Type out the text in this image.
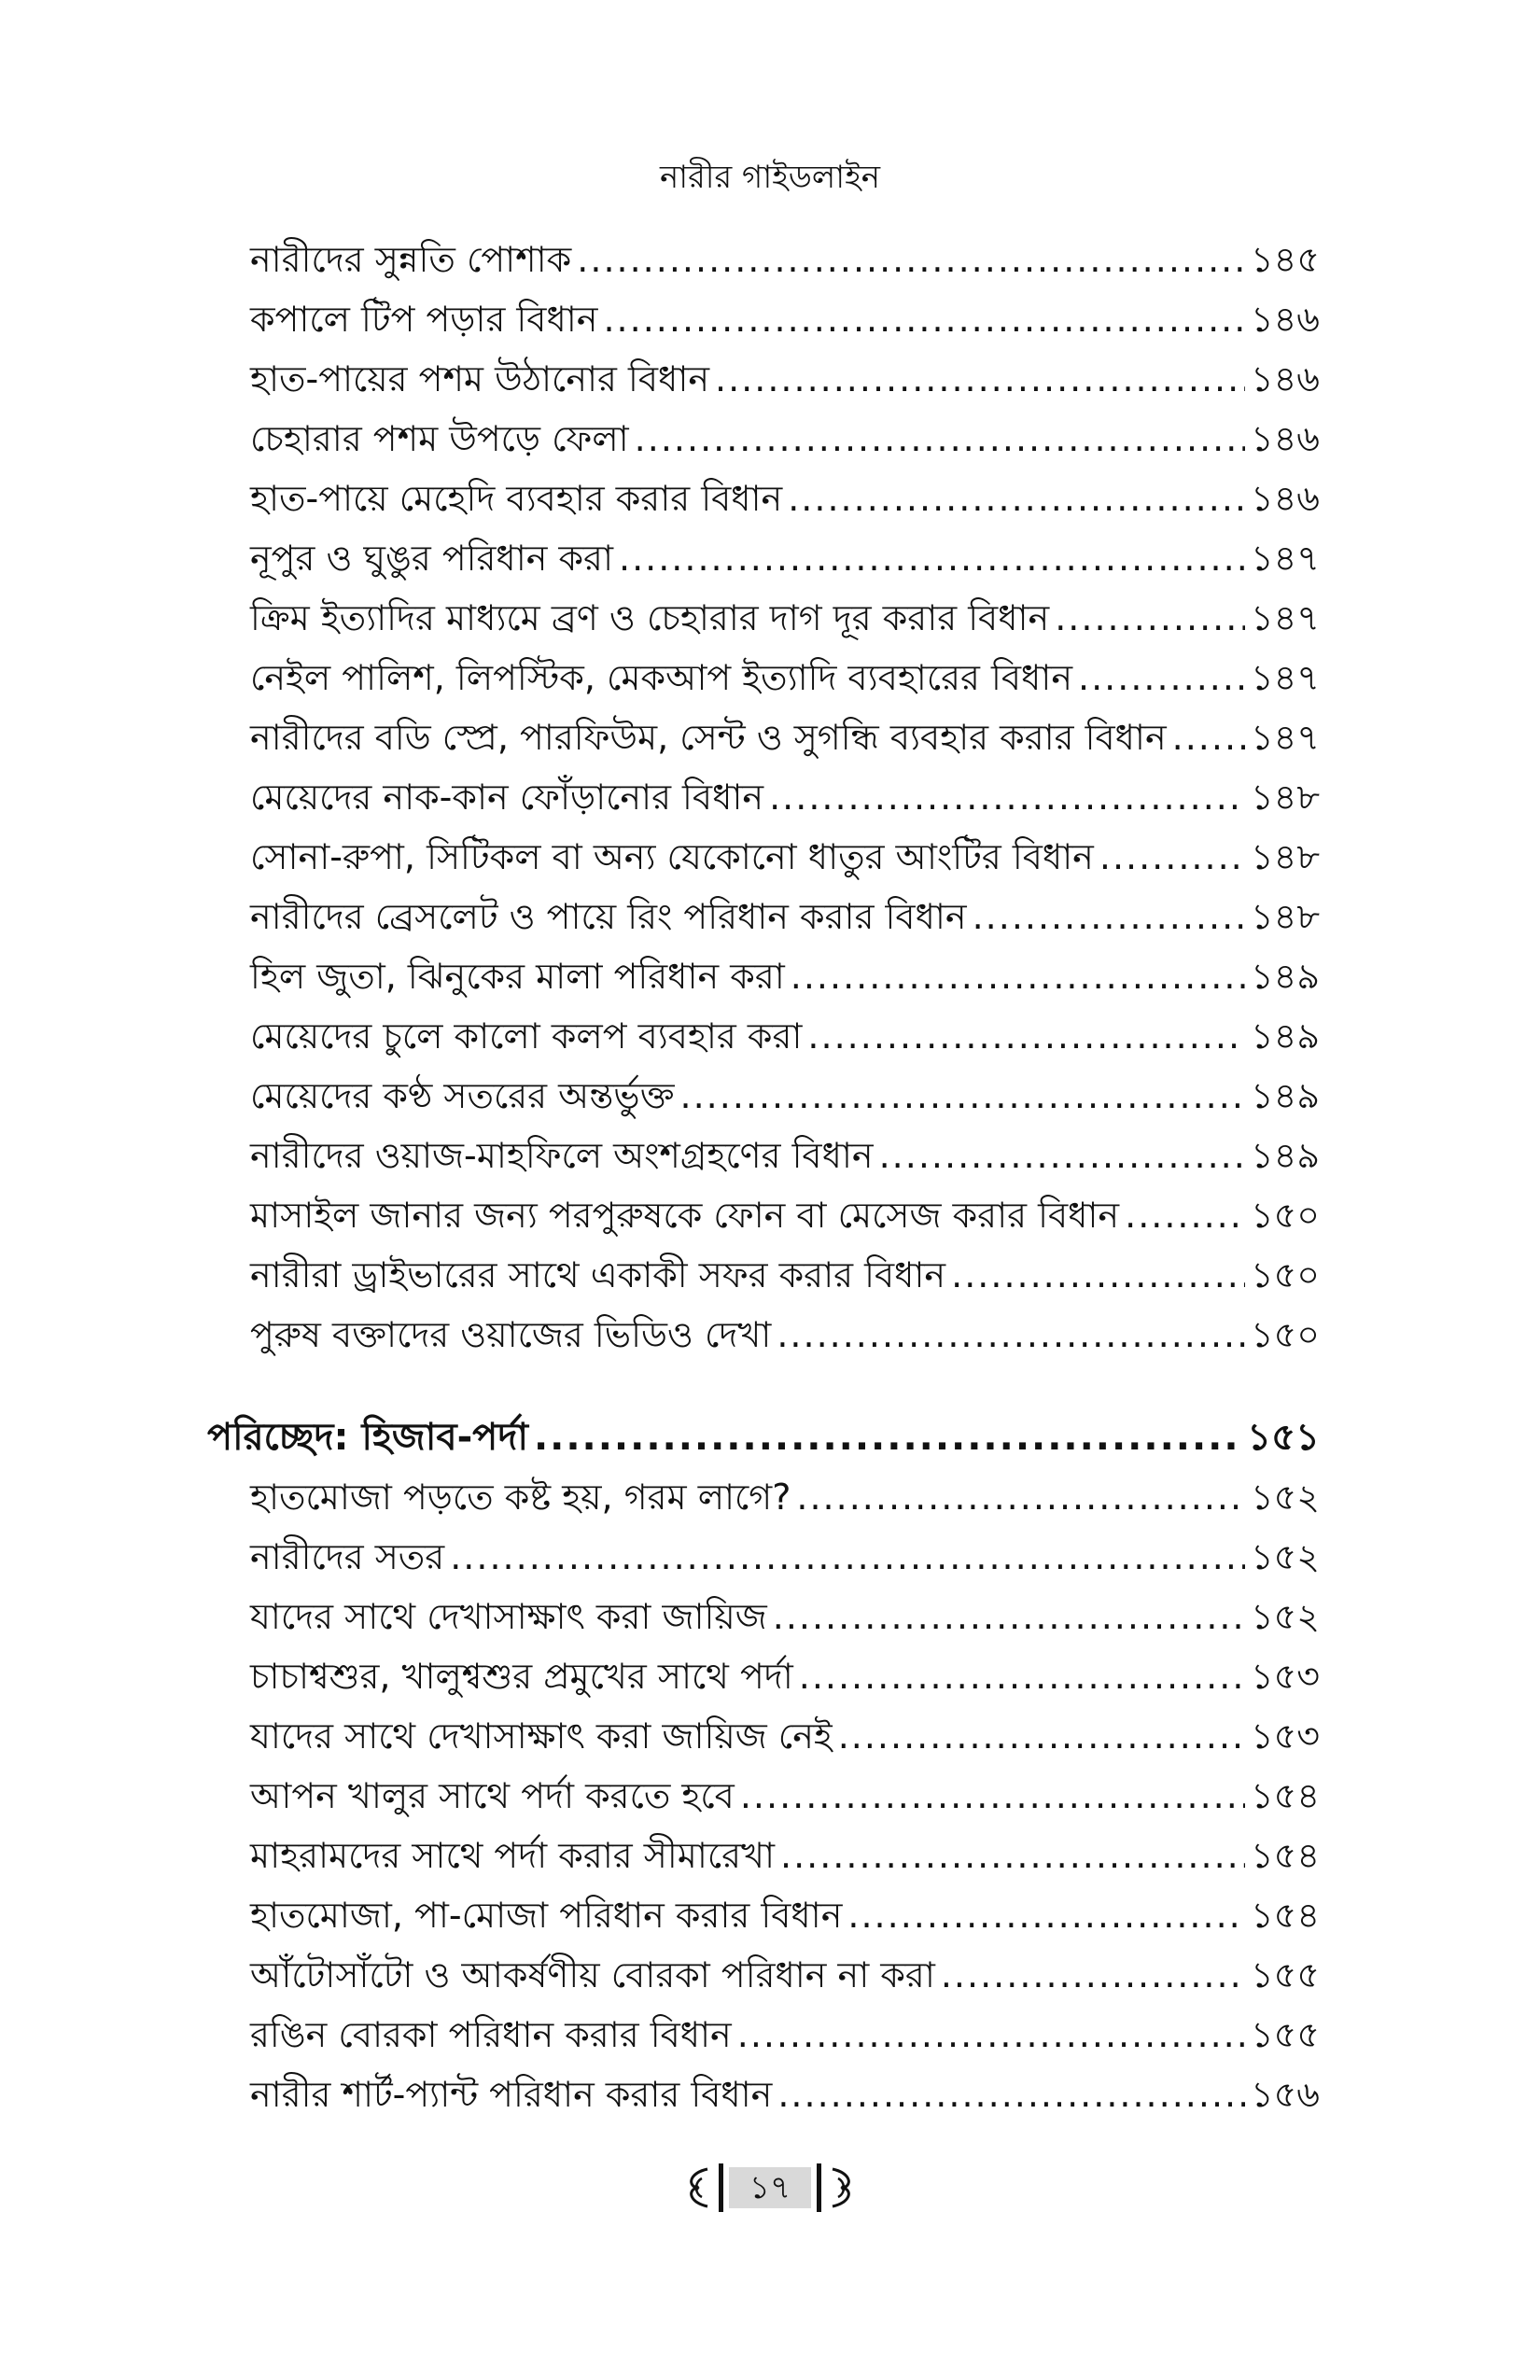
নারীর গাইডলাইন
নারীদের সুন্নতি পোশাক .....	১৪৫
কপালে টিপ পড়ার বিধান .....	১৪৬
হাত-পায়ের পশম উঠানোর বিধান .....	১৪৬
চেহারার পশম উপড়ে ফেলা .....	১৪৬
হাত-পায়ে মেহেদি ব্যবহার করার বিধান .....	১৪৬
নূপুর ও ঘুঙুর পরিধান করা .....	১৪৭
ক্রিম ইত্যাদির মাধ্যমে ব্রণ ও চেহারার দাগ দূর করার বিধান .....	১৪৭
নেইল পালিশ, লিপস্টিক, মেকআপ ইত্যাদি ব্যবহারের বিধান .....	১৪৭
নারীদের বডি স্প্রে, পারফিউম, সেন্ট ও সুগন্ধি ব্যবহার করার বিধান ..... ১৪৭
মেয়েদের নাক-কান ফোঁড়ানোর বিধান .....	১৪৮
সোনা-রুপা, সিটিকল বা অন্য যেকোনো ধাতুর আংটির বিধান .....	১৪৮
নারীদের ব্রেসলেট ও পায়ে রিং পরিধান করার বিধান .....	১৪৮
হিল জুতা, ঝিনুকের মালা পরিধান করা .....	১৪৯
মেয়েদের চুলে কালো কলপ ব্যবহার করা .....	১৪৯
মেয়েদের কণ্ঠ সতরের অন্তর্ভুক্ত .....	১৪৯
নারীদের ওয়াজ-মাহফিলে অংশগ্রহণের বিধান .....	১৪৯
মাসাইল জানার জন্য পরপুরুষকে ফোন বা মেসেজ করার বিধান .....	১৫০
নারীরা ড্রাইভারের সাথে একাকী সফর করার বিধান .....	১৫০
পুরুষ বক্তাদের ওয়াজের ভিডিও দেখা .....	১৫০
পরিচ্ছেদ: হিজাব-পর্দা .....	১৫১
হাতমোজা পড়তে কষ্ট হয়, গরম লাগে? .....	১৫২
নারীদের সতর .....	১৫২
যাদের সাথে দেখাসাক্ষাৎ করা জায়িজ .....	১৫২
চাচাশ্বশুর, খালুশ্বশুর প্রমুখের সাথে পর্দা .....	১৫৩
যাদের সাথে দেখাসাক্ষাৎ করা জায়িজ নেই .....	১৫৩
আপন খালুর সাথে পর্দা করতে হবে .....	১৫৪
মাহরামদের সাথে পর্দা করার সীমারেখা .....	১৫৪
হাতমোজা, পা-মোজা পরিধান করার বিধান .....	১৫৪
আঁটোসাঁটো ও আকর্ষণীয় বোরকা পরিধান না করা .....	১৫৫
রঙিন বোরকা পরিধান করার বিধান .....	১৫৫
নারীর শার্ট-প্যান্ট পরিধান করার বিধান .....	১৫৬
১৭
